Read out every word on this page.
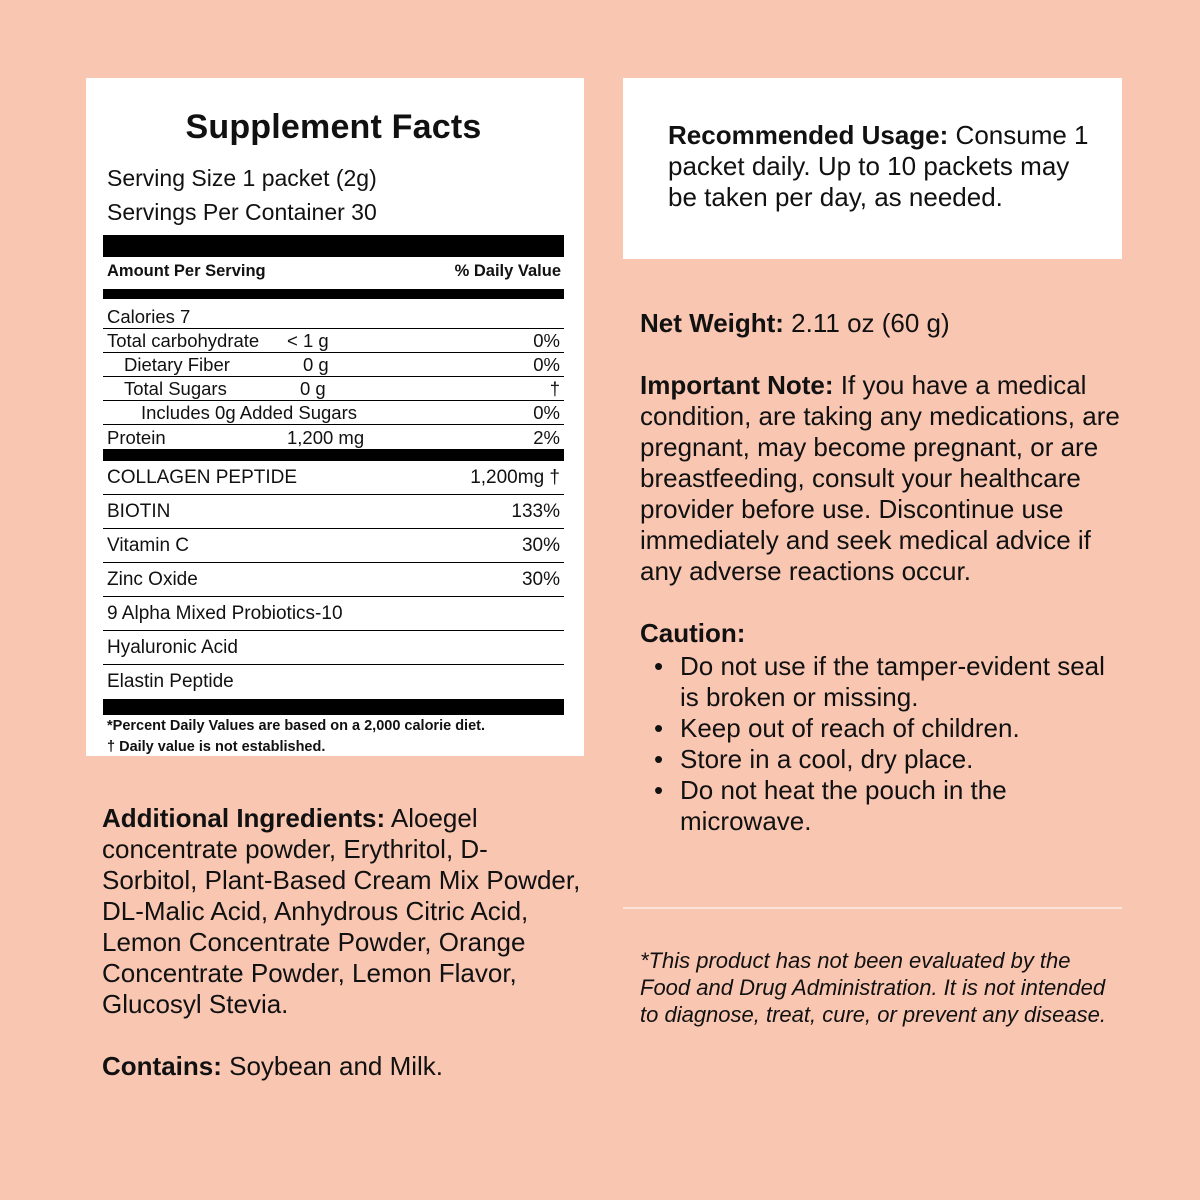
Supplement Facts
Serving Size 1 packet (2g)
Servings Per Container 30
Amount Per Serving	% Daily Value
Calories 7
Total carbohydrate	< 1 g	0%
Dietary Fiber	0 g	0%
Total Sugars	0 g	†
Includes 0g Added Sugars	0%
Protein	1,200 mg	2%
COLLAGEN PEPTIDE	1,200mg †
BIOTIN	133%
Vitamin C	30%
Zinc Oxide	30%
9 Alpha Mixed Probiotics-10
Hyaluronic Acid
Elastin Peptide
*Percent Daily Values are based on a 2,000 calorie diet.
† Daily value is not established.
Recommended Usage: Consume 1 packet daily. Up to 10 packets may be taken per day, as needed.

Net Weight: 2.11 oz (60 g)

Important Note: If you have a medical condition, are taking any medications, are pregnant, may become pregnant, or are breastfeeding, consult your healthcare provider before use. Discontinue use immediately and seek medical advice if any adverse reactions occur.

Caution:

• Do not use if the tamper-evident seal is broken or missing.
• Keep out of reach of children.
• Store in a cool, dry place.
• Do not heat the pouch in the microwave.
*This product has not been evaluated by the Food and Drug Administration. It is not intended to diagnose, treat, cure, or prevent any disease.

Additional Ingredients: Aloegel concentrate powder, Erythritol, D-Sorbitol, Plant-Based Cream Mix Powder, DL-Malic Acid, Anhydrous Citric Acid, Lemon Concentrate Powder, Orange Concentrate Powder, Lemon Flavor, Glucosyl Stevia.

Contains: Soybean and Milk.
